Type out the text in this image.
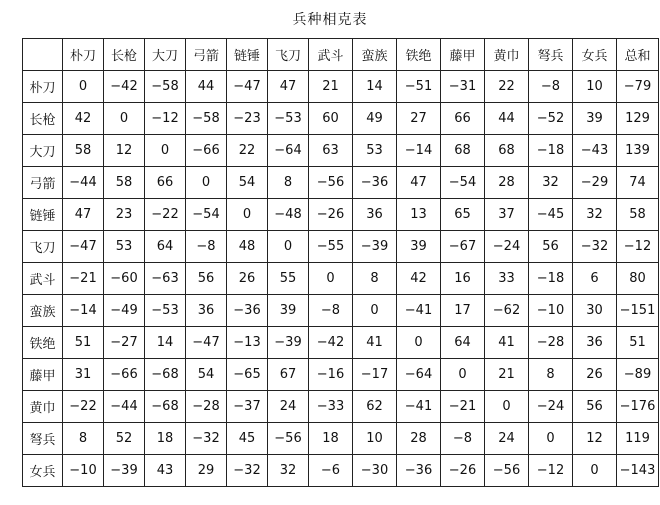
兵种相克表
	朴刀	长枪	大刀	弓箭	链锤	飞刀	武斗	蛮族	铁绝	藤甲	黄巾	弩兵	女兵	总和
朴刀	0	−42	−58	44	−47	47	21	14	−51	−31	22	−8	10	−79
长枪	42	0	−12	−58	−23	−53	60	49	27	66	44	−52	39	129
大刀	58	12	0	−66	22	−64	63	53	−14	68	68	−18	−43	139
弓箭	−44	58	66	0	54	8	−56	−36	47	−54	28	32	−29	74
链锤	47	23	−22	−54	0	−48	−26	36	13	65	37	−45	32	58
飞刀	−47	53	64	−8	48	0	−55	−39	39	−67	−24	56	−32	−12
武斗	−21	−60	−63	56	26	55	0	8	42	16	33	−18	6	80
蛮族	−14	−49	−53	36	−36	39	−8	0	−41	17	−62	−10	30	−151
铁绝	51	−27	14	−47	−13	−39	−42	41	0	64	41	−28	36	51
藤甲	31	−66	−68	54	−65	67	−16	−17	−64	0	21	8	26	−89
黄巾	−22	−44	−68	−28	−37	24	−33	62	−41	−21	0	−24	56	−176
弩兵	8	52	18	−32	45	−56	18	10	28	−8	24	0	12	119
女兵	−10	−39	43	29	−32	32	−6	−30	−36	−26	−56	−12	0	−143
